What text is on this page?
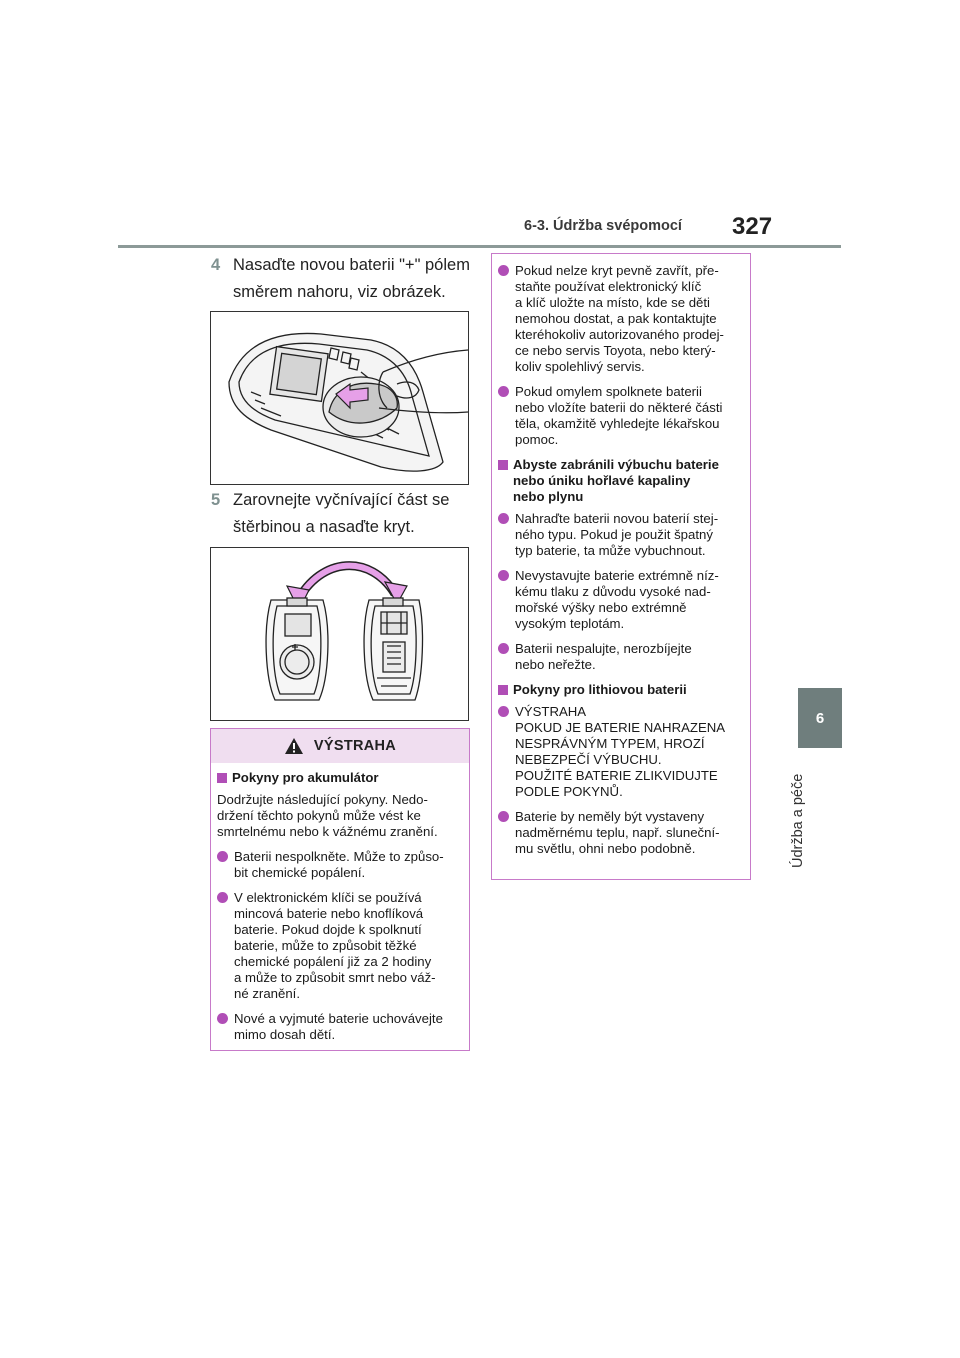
6-3. Údržba svépomocí 327
6
Údržba a péče
4 Nasaďte novou baterii "+" pólem
směrem nahoru, viz obrázek.
5 Zarovnejte vyčnívající část se
štěrbinou a nasaďte kryt.
VÝSTRAHA
Pokyny pro akumulátor
Dodržujte následující pokyny. Nedo-
držení těchto pokynů může vést ke
smrtelnému nebo k vážnému zranění.
Baterii nespolkněte. Může to způso-
bit chemické popálení.
V elektronickém klíči se používá
mincová baterie nebo knoflíková
baterie. Pokud dojde k spolknutí
baterie, může to způsobit těžké
chemické popálení již za 2 hodiny
a může to způsobit smrt nebo váž-
né zranění.
Nové a vyjmuté baterie uchovávejte
mimo dosah dětí.
Pokud nelze kryt pevně zavřít, pře-
staňte používat elektronický klíč
a klíč uložte na místo, kde se děti
nemohou dostat, a pak kontaktujte
kteréhokoliv autorizovaného prodej-
ce nebo servis Toyota, nebo který-
koliv spolehlivý servis.
Pokud omylem spolknete baterii
nebo vložíte baterii do některé části
těla, okamžitě vyhledejte lékařskou
pomoc.
Abyste zabránili výbuchu baterie
nebo úniku hořlavé kapaliny
nebo plynu
Nahraďte baterii novou baterií stej-
ného typu. Pokud je použit špatný
typ baterie, ta může vybuchnout.
Nevystavujte baterie extrémně níz-
kému tlaku z důvodu vysoké nad-
mořské výšky nebo extrémně
vysokým teplotám.
Baterii nespalujte, nerozbíjejte
nebo neřežte.
Pokyny pro lithiovou baterii
VÝSTRAHA
POKUD JE BATERIE NAHRAZENA
NESPRÁVNÝM TYPEM, HROZÍ
NEBEZPEČÍ VÝBUCHU.
POUŽITÉ BATERIE ZLIKVIDUJTE
PODLE POKYNŮ.
Baterie by neměly být vystaveny
nadměrnému teplu, např. sluneční-
mu světlu, ohni nebo podobně.
